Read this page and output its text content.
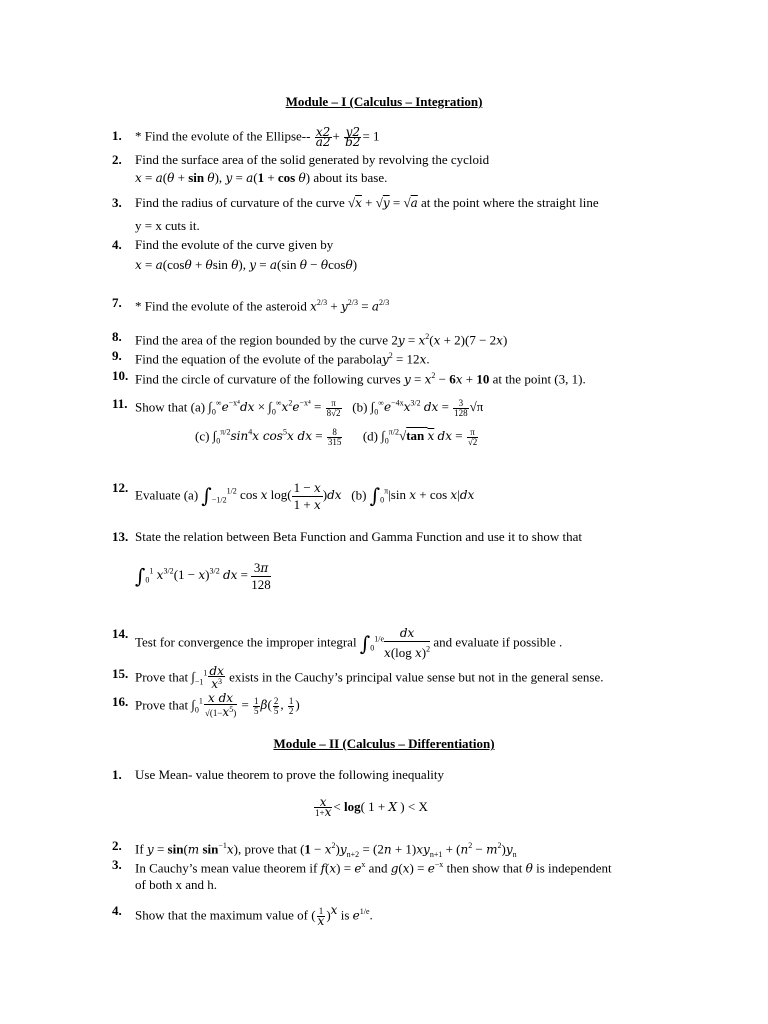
Module – I (Calculus – Integration)
1.	* Find the evolute of the Ellipse-- $\frac{x2}{a2} + \frac{y2}{b2} = 1$
2.	Find the surface area of the solid generated by revolving the cycloid
x = a(θ + sin θ), y = a(1 + cos θ) about its base.
3.	Find the radius of curvature of the curve √x + √y = √a at the point where the straight line
y = x cuts it.
4.	Find the evolute of the curve given by
x = a(cosθ + θsin θ), y = a(sin θ − θcosθ)
7.	* Find the evolute of the asteroid $x^{2/3} + y^{2/3} = a^{2/3}$
8.	Find the area of the region bounded by the curve $2y = x^2(x + 2)(7 - 2x)$
9.	Find the equation of the evolute of the parabolay$^2$ = 12x.
10. Find the circle of curvature of the following curves $y = x^2 - 6x + 10$ at the point (3, 1).
11. Show that (a) $\int_0^\infty e^{-x^4}dx \times \int_0^\infty x^2e^{-x^4} = \frac{\pi}{8√2} (b)$ $\int_0^\infty e^{-4x}x^{3/2}$ dx = $\frac{3}{128} √\pi$
(c) $\int_0^{\pi/2}\sin^4x$ $\cos^5x$ dx = $\frac{8}{315} (d)$ $\int_0^{\pi/2}√\tan$ x dx = $\frac{\pi}{√2}$
12. Evaluate (a) $\int_{-1/2}^{1/2}$ cos x $\log( \frac{1 - x}{1 + x})dx$ (b) $\int_0^\pi|\sin$ x + cos x|dx
13. State the relation between Beta Function and Gamma Function and use it to show that
$\int_0^1$ $x^{3/2}(1 - x)^{3/2}$ dx = $\frac{3\pi}{128}$
14.
Test for convergence the improper integral $\int_0^{1/e} \frac{dx}{x(\log x)^2}$ and evaluate if possible .
15. Prove that $\int_{-1}^1 \frac{dx}{x^3}$ exists in the Cauchy’s principal value sense but not in the general sense.
16. Prove that $\int_0^1 \frac{\text{x dx}}{√(1-x^5)} = \frac{1}{5} \beta( \frac{2}{5}$ , $\frac{1}{2}$ )
Module – II (Calculus – Differentiation)
1.	Use Mean- value theorem to prove the following inequality
$\frac{x}{1+x} < \log$( 1 + X ) < X
2.	If y = sin(m $\sin^{-1}x$), prove that $(1 - x^2)y_{n+2} = (2n + 1)xy_{n+1} + (n^2 - m^2)y_n$
3.	In Cauchy’s mean value theorem if $f(x) = e^x$ and $g(x) = e^{-x}$ then show that θ is independent
of both x and h.
4.	Show that the maximum value of ( $\frac{1}{x} )^x$ is $e^{1/e}$.
